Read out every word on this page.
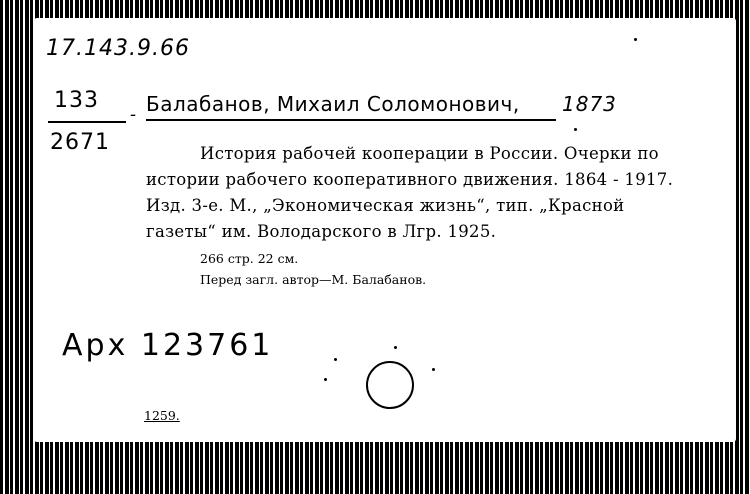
17.143.9.66
133
2671
- Балабанов, Михаил Соломонович, 1873
История рабочей кооперации в России. Очерки по
истории рабочего кооперативного движения. 1864 - 1917.
Изд. 3-е. М., „Экономическая жизнь“, тип. „Красной
газеты“ им. Володарского в Лгр. 1925.
266 стр. 22 см.
Перед загл. автор—М. Балабанов.
Арх 123761
1259.
